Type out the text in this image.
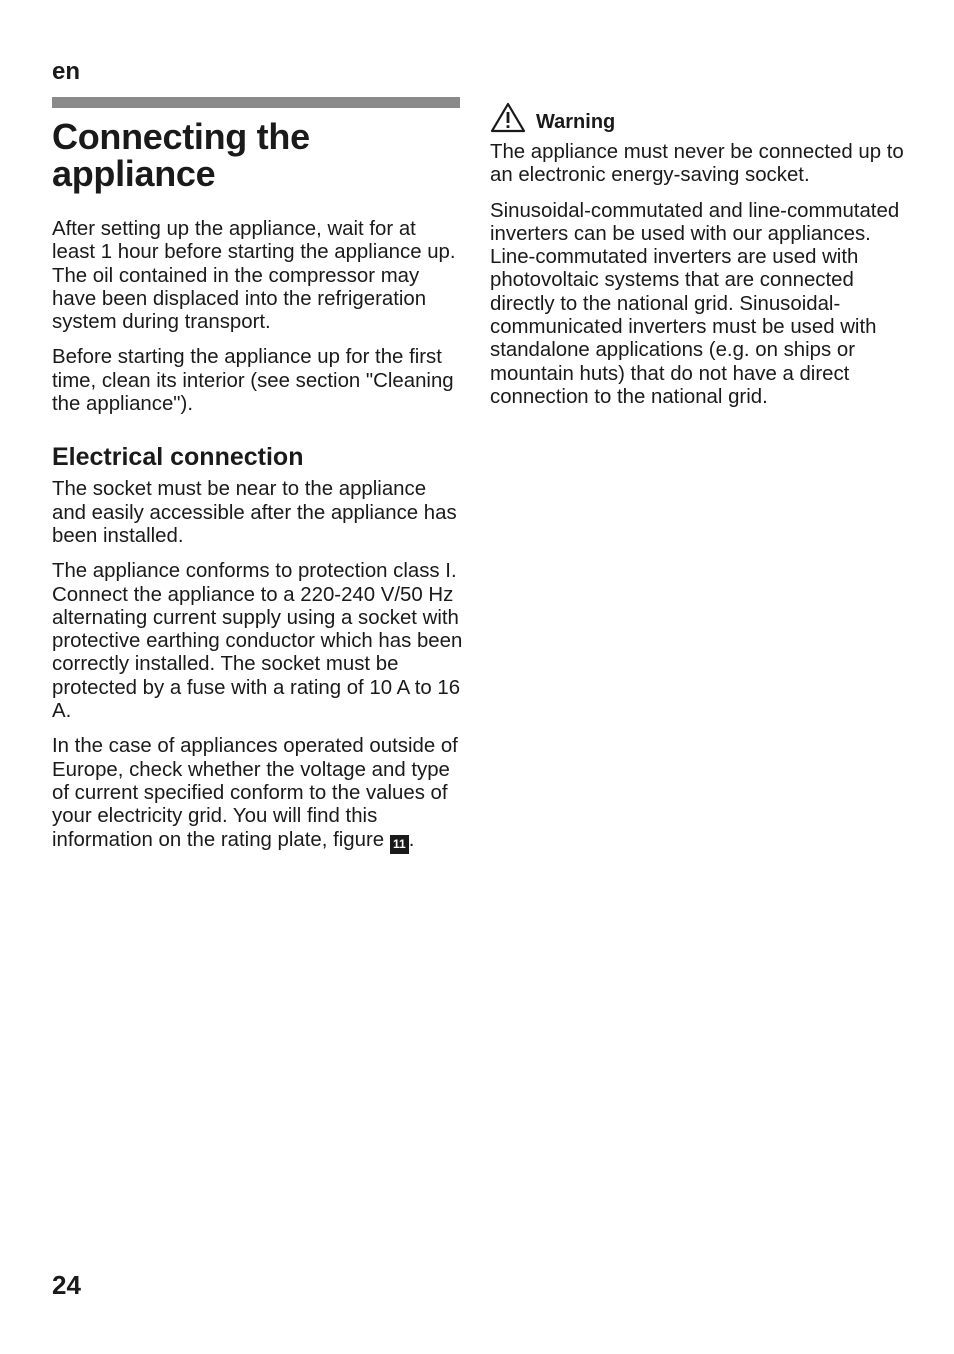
en
Connecting the
appliance

After setting up the appliance, wait for at least 1 hour before starting the appliance up. The oil contained in the compressor may have been displaced into the refrigeration system during transport.

Before starting the appliance up for the first time, clean its interior (see section "Cleaning the appliance").

Electrical connection

The socket must be near to the appliance and easily accessible after the appliance has been installed.

The appliance conforms to protection class I. Connect the appliance to a 220-240 V/50 Hz alternating current supply using a socket with protective earthing conductor which has been correctly installed. The socket must be protected by a fuse with a rating of 10 A to 16 A.

In the case of appliances operated outside of Europe, check whether the voltage and type of current specified conform to the values of your electricity grid. You will find this information on the rating plate, figure 11 .

Warning

The appliance must never be connected up to an electronic energy-saving socket.

Sinusoidal-commutated and line-commutated inverters can be used with our appliances. Line-commutated inverters are used with photovoltaic systems that are connected directly to the national grid. Sinusoidal-communicated inverters must be used with standalone applications (e.g. on ships or mountain huts) that do not have a direct connection to the national grid.

24
